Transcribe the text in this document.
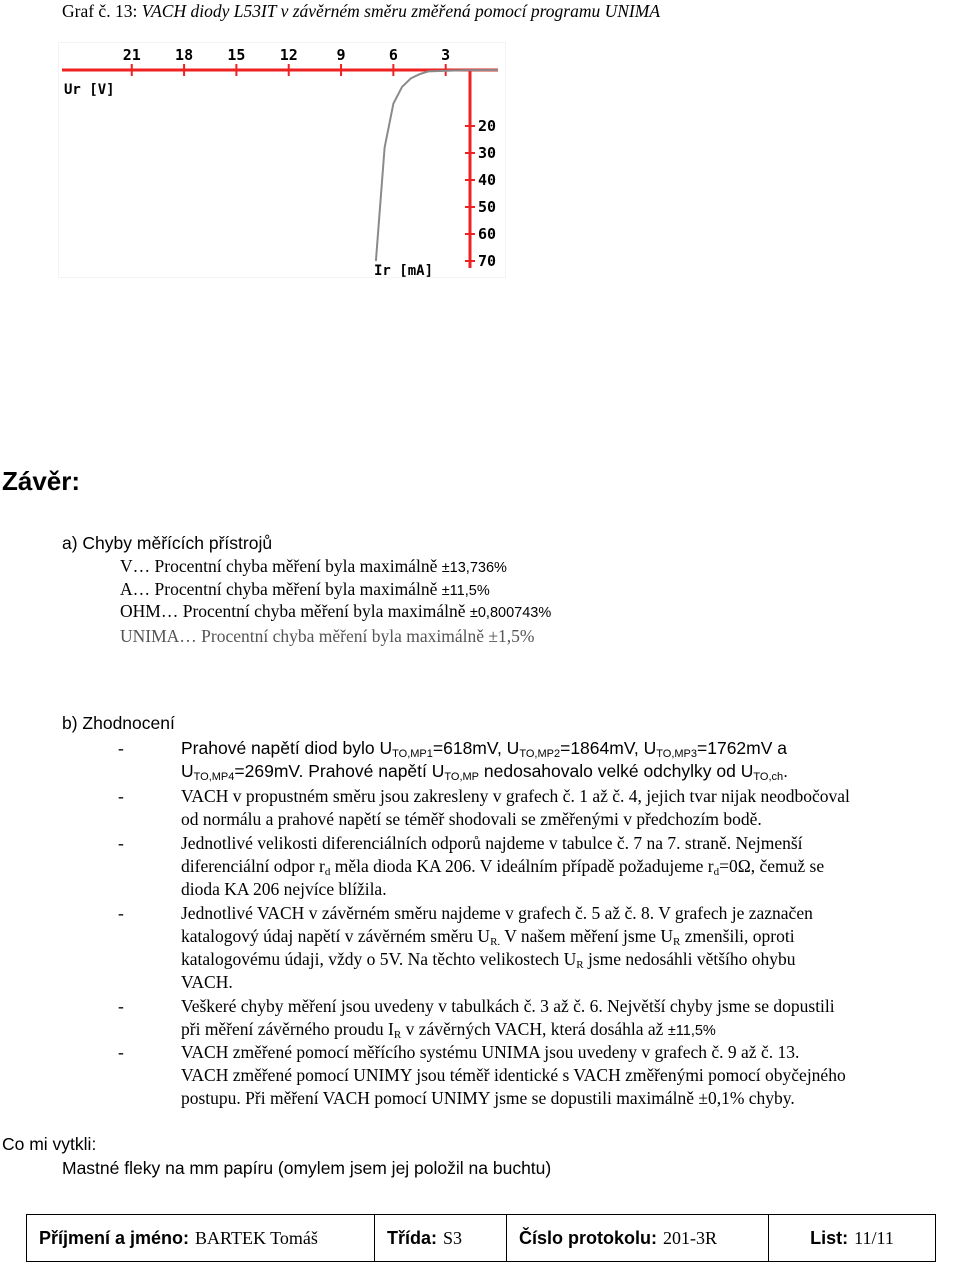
Graf č. 13: VACH diody L53IT v závěrném směru změřená pomocí programu UNIMA
21 18 15 12	9	6	3
20
30
40
50
60
70
Ur [V]
Ir [mA]
Závěr:
a) Chyby měřících přístrojů
V… Procentní chyba měření byla maximálně ±13,736%
A… Procentní chyba měření byla maximálně ±11,5%
OHM… Procentní chyba měření byla maximálně ±0,800743%
UNIMA… Procentní chyba měření byla maximálně ±1,5%
b) Zhodnocení
-	Prahové napětí diod bylo $U_{TO,MP1}=618mV$, $U_{TO,MP2}=1864mV$, $U_{TO,MP3}=1762mV$ a
$U_{TO,MP4}=269mV$. Prahové napětí $U_{TO,MP}$ nedosahovalo velké odchylky od $U_{TO,ch}$.
-	VACH v propustném směru jsou zakresleny v grafech č. 1 až č. 4, jejich tvar nijak neodbočoval
od normálu a prahové napětí se téměř shodovali se změřenými v předchozím bodě.
-	Jednotlivé velikosti diferenciálních odporů najdeme v tabulce č. 7 na 7. straně. Nejmenší
diferenciální odpor $r_d$ měla dioda KA 206. V ideálním případě požadujeme $r_d=0\Omega$, čemuž se
dioda KA 206 nejvíce blížila.
-	Jednotlivé VACH v závěrném směru najdeme v grafech č. 5 až č. 8. V grafech je zaznačen
katalogový údaj napětí v závěrném směru $U_{R.}$ V našem měření jsme $U_R$ zmenšili, oproti
katalogovému údaji, vždy o 5V. Na těchto velikostech $U_R$ jsme nedosáhli většího ohybu
VACH.
-	Veškeré chyby měření jsou uvedeny v tabulkách č. 3 až č. 6. Největší chyby jsme se dopustili
při měření závěrného proudu $I_R$ v závěrných VACH, která dosáhla až ±11,5%
-	VACH změřené pomocí měřícího systému UNIMA jsou uvedeny v grafech č. 9 až č. 13.
VACH změřené pomocí UNIMY jsou téměř identické s VACH změřenými pomocí obyčejného
postupu. Při měření VACH pomocí UNIMY jsme se dopustili maximálně ±0,1% chyby.
Co mi vytkli:
Mastné fleky na mm papíru (omylem jsem jej položil na buchtu)
Příjmení a jméno: BARTEK Tomáš	Třída: S3	Číslo protokolu: 201-3R	List: 11/11
